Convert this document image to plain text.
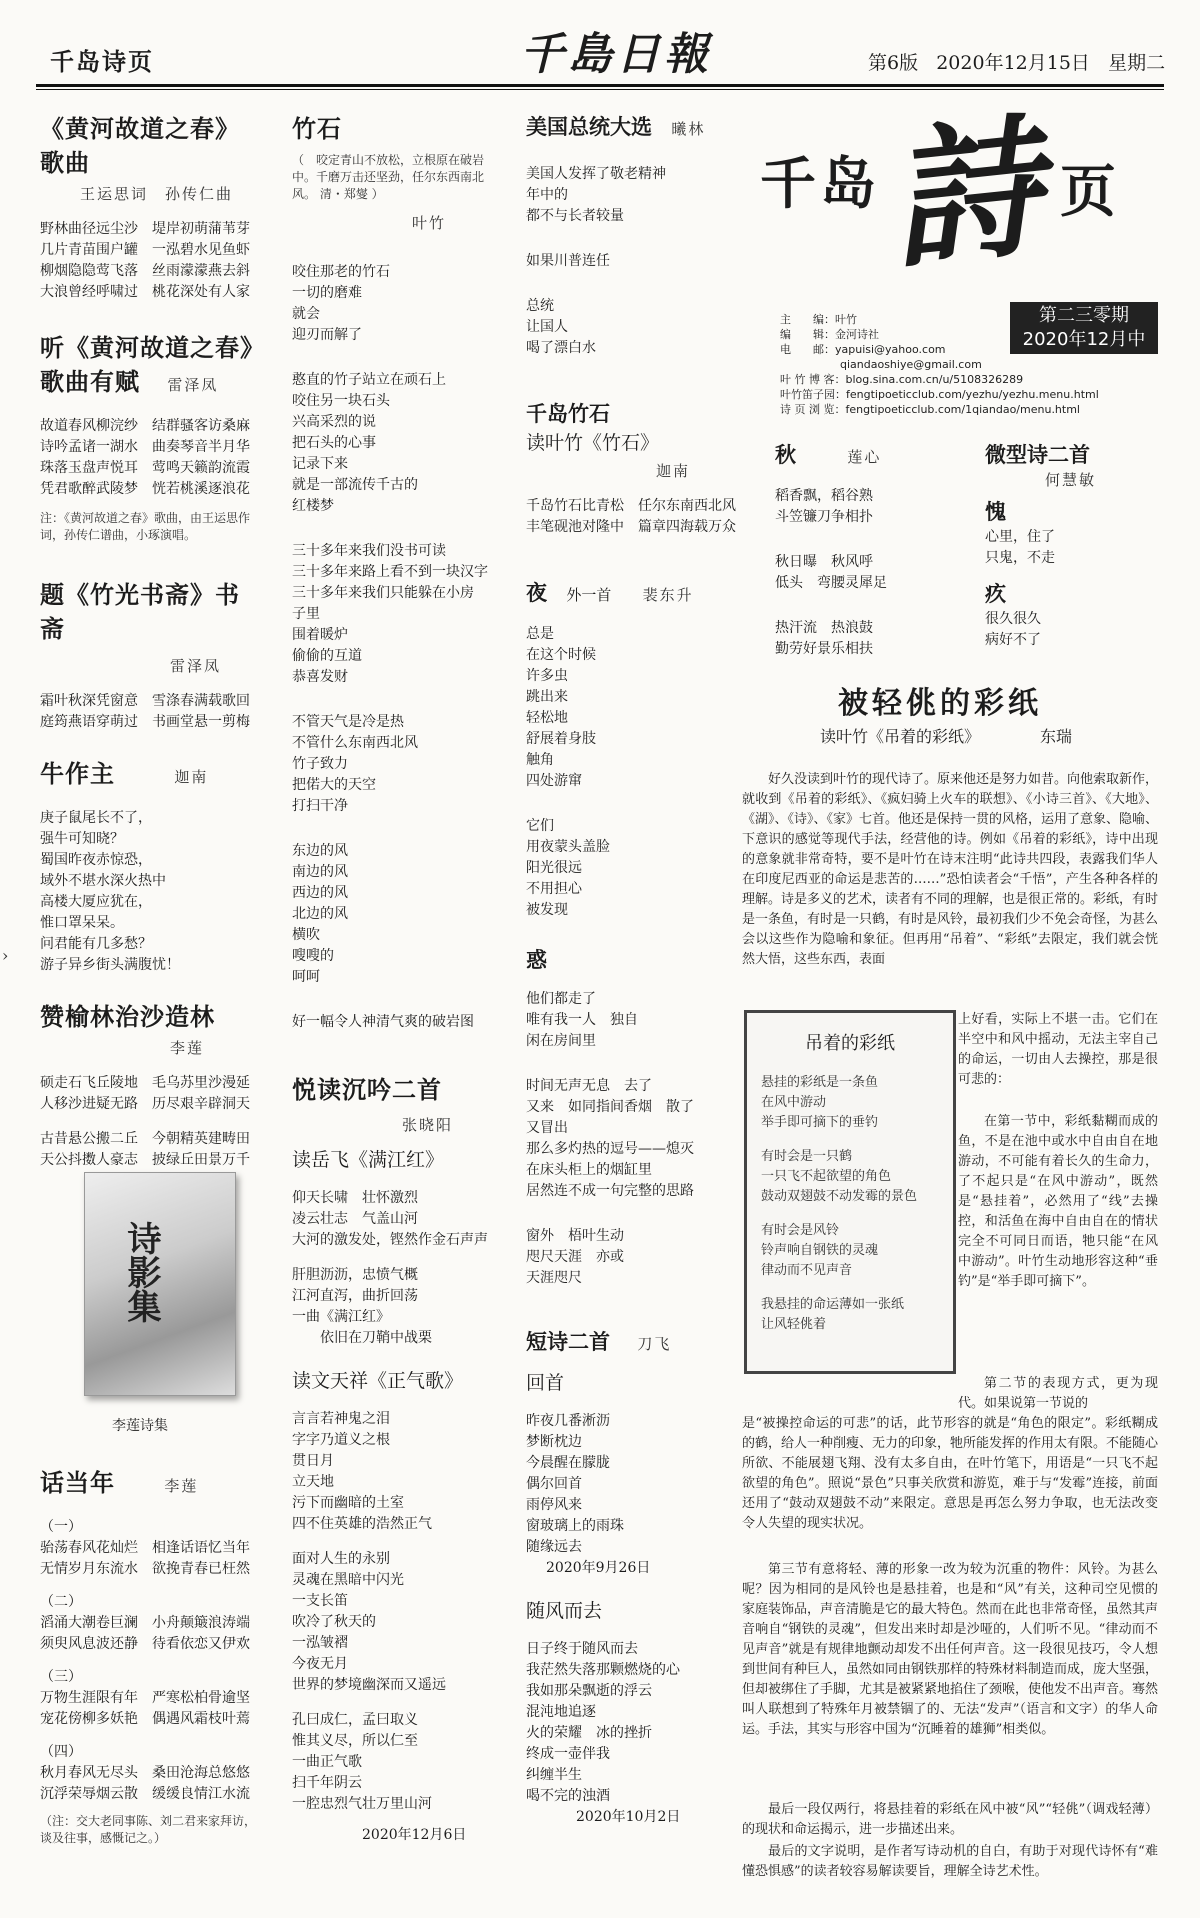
千岛诗页	千島日報	第6版 2020年12月15日 星期二
《黄河故道之春》歌曲
王运思词　孙传仁曲

野林曲径远尘沙　堤岸初萌蒲苇芽

几片青苗围户罐　一泓碧水见鱼虾

柳烟隐隐莺飞落　丝雨濛濛燕去斜

大浪曾经呼啸过　桃花深处有人家

听《黄河故道之春》
歌曲有赋 雷泽凤

故道春风柳浣纱　结群骚客访桑麻

诗吟孟诸一湖水　曲奏琴音半月华

珠落玉盘声悦耳　莺鸣天籁韵流霞

凭君歌醉武陵梦　恍若桃溪逐浪花

注：《黄河故道之春》歌曲，由王运思作词，孙传仁谱曲，小琢演唱。
题《竹光书斋》书斋
雷泽凤

霜叶秋深凭窗意　雪涤春满载歌回

庭筠燕语穿萌过　书画堂悬一剪梅

牛作主	迦南

庚子鼠尾长不了，

强牛可知晓？

蜀国昨夜赤惊恐，

域外不堪水深火热中

高楼大厦应犹在，

惟口罩呆呆。

问君能有几多愁？

游子异乡街头满腹忧！

赞榆林治沙造林
李莲

硕走石飞丘陵地　毛乌苏里沙漫延

人移沙进疑无路　历尽艰辛辟洞天

古昔悬公搬二丘　今朝精英建畴田

天公抖擞人豪志　披绿丘田景万千

诗影集
李莲诗集
话当年	李莲

（一）

骀荡春风花灿烂　相逢话语忆当年

无情岁月东流水　欲挽青春已枉然

（二）

滔涌大潮卷巨澜　小舟颠簸浪涛端

须臾风息波还静　待看依恋又伊欢

（三）

万物生涯限有年　严寒松柏骨逾坚

宠花傍柳多妖艳　偶遇风霜枝叶蔫

（四）

秋月春风无尽头　桑田沧海总悠悠

沉浮荣辱烟云散　缓缓良情江水流

（注：交大老同事陈、刘二君来家拜访，谈及往事，感慨记之。）
›
竹石
（　咬定青山不放松，立根原在破岩中。千磨万击还坚劲，任尔东西南北风。 清・郑燮 ）
叶竹

咬住那老的竹石

一切的磨难

就会

迎刃而解了

憨直的竹子站立在顽石上

咬住另一块石头

兴高采烈的说

把石头的心事

记录下来

就是一部流传千古的

红楼梦

三十多年来我们没书可读

三十多年来路上看不到一块汉字

三十多年来我们只能躲在小房

子里

围着暖炉

偷偷的互道

恭喜发财

不管天气是冷是热

不管什么东南西北风

竹子致力

把偌大的天空

打扫干净

东边的风

南边的风

西边的风

北边的风

横吹

嗖嗖的

呵呵

好一幅令人神清气爽的破岩图

悦读沉吟二首
张晓阳
读岳飞《满江红》

仰天长啸　壮怀激烈

凌云壮志　气盖山河

大河的激发处，铿然作金石声声

肝胆沥沥，忠愤气概

江河直泻，曲折回荡

一曲《满江红》

依旧在刀鞘中战栗

读文天祥《正气歌》

言言若神鬼之泪

字字乃道义之根

贯日月

立天地

污下而幽暗的土室

四不住英雄的浩然正气

面对人生的永别

灵魂在黑暗中闪光

一支长笛

吹冷了秋天的

一泓皱褶

今夜无月

世界的梦境幽深而又遥远

孔曰成仁，孟曰取义

惟其义尽，所以仁至

一曲正气歌

扫千年阴云

一腔忠烈气壮万里山河

2020年12月6日
美国总统大选 曦林

美国人发挥了敬老精神

年中的

都不与长者较量

如果川普连任

总统

让国人

喝了漂白水

千岛竹石
读叶竹《竹石》
迦南

千岛竹石比青松　任尔东南西北风

丰笔砚池对隆中　篇章四海载万众

夜 外一首 裴东升

总是

在这个时候

许多虫

跳出来

轻松地

舒展着身肢

触角

四处游窜

它们

用夜蒙头盖脸

阳光很远

不用担心

被发现

惑

他们都走了

唯有我一人　独自

闲在房间里

时间无声无息　去了

又来　如同指间香烟　散了

又冒出

那么多灼热的逗号——熄灭

在床头柜上的烟缸里

居然连不成一句完整的思路

窗外　梧叶生动

咫尺天涯　亦或

天涯咫尺

短诗二首 刀飞
回首

昨夜几番淅沥

梦断枕边

今晨醒在朦胧

偶尔回首

雨停风来

窗玻璃上的雨珠

随缘远去

2020年9月26日
随风而去

日子终于随风而去

我茫然失落那颗燃烧的心

我如那朵飘逝的浮云

混沌地追逐

火的荣耀　冰的挫折

终成一壶伴我

纠缠半生

喝不完的浊酒

2020年10月2日
千岛 詩 页
第二三零期
2020年12月中
主　　编：叶竹
编　　辑：金河诗社
电　　邮：yapuisi@yahoo.com
qiandaoshiye@gmail.com
叶 竹 博 客：blog.sina.com.cn/u/5108326289
叶竹笛子园：fengtipoeticclub.com/yezhu/yezhu.menu.html
诗 页 浏 览：fengtipoeticclub.com/1qiandao/menu.html
秋	莲心

稻香飘，稻谷熟

斗笠镰刀争相扑

秋日曝　秋风呼

低头　弯腰灵犀足

热汗流　热浪鼓

勤劳好景乐相扶

微型诗二首
何慧敏
愧

心里，住了

只鬼，不走

疚

很久很久

病好不了

被轻佻的彩纸
读叶竹《吊着的彩纸》	东瑞

好久没读到叶竹的现代诗了。原来他还是努力如昔。向他索取新作，就收到《吊着的彩纸》、《疯妇骑上火车的联想》、《小诗三首》、《大地》、《湖》、《诗》、《家》七首。他还是保持一贯的风格，运用了意象、隐喻、下意识的感觉等现代手法，经营他的诗。例如《吊着的彩纸》，诗中出现的意象就非常奇特，要不是叶竹在诗末注明“此诗共四段，表露我们华人在印度尼西亚的命运是悲苦的……”恐怕读者会“千悟”，产生各种各样的理解。诗是多义的艺术，读者有不同的理解，也是很正常的。彩纸，有时是一条鱼，有时是一只鹤，有时是风铃，最初我们少不免会奇怪，为甚么会以这些作为隐喻和象征。但再用“吊着”、“彩纸”去限定，我们就会恍然大悟，这些东西，表面

上好看，实际上不堪一击。它们在半空中和风中摇动，无法主宰自己的命运，一切由人去操控，那是很可悲的：

在第一节中，彩纸黏糊而成的鱼，不是在池中或水中自由自在地游动，不可能有着长久的生命力，了不起只是“在风中游动”，既然是“悬挂着”，必然用了“线”去操控，和活鱼在海中自由自在的情状完全不可同日而语，牠只能“在风中游动”。叶竹生动地形容这种“垂钓”是“举手即可摘下”。

第二节的表现方式，更为现代。如果说第一节说的

是“被操控命运的可悲”的话，此节形容的就是“角色的限定”。彩纸糊成的鹤，给人一种削瘦、无力的印象，牠所能发挥的作用太有限。不能随心所欲、不能展翅飞翔、没有太多自由，在叶竹笔下，用语是“一只飞不起欲望的角色”。照说“景色”只事关欣赏和游览，难于与“发霉”连接，前面还用了“鼓动双翅鼓不动”来限定。意思是再怎么努力争取，也无法改变令人失望的现实状况。

第三节有意将轻、薄的形象一改为较为沉重的物件：风铃。为甚么呢？因为相同的是风铃也是悬挂着，也是和“风”有关，这种司空见惯的家庭装饰品，声音清脆是它的最大特色。然而在此也非常奇怪，虽然其声音响自“钢铁的灵魂”，但发出来时却是沙哑的，人们听不见。“律动而不见声音”就是有规律地颤动却发不出任何声音。这一段很见技巧，令人想到世间有种巨人，虽然如同由钢铁那样的特殊材料制造而成，庞大坚强，但却被绑住了手脚，尤其是被紧紧地掐住了颈喉，使他发不出声音。骞然叫人联想到了特殊年月被禁锢了的、无法“发声”（语言和文字）的华人命运。手法，其实与形容中国为“沉睡着的雄狮”相类似。

最后一段仅两行，将悬挂着的彩纸在风中被“风”“轻佻”（调戏轻薄）的现状和命运揭示，进一步描述出来。

最后的文字说明，是作者写诗动机的自白，有助于对现代诗怀有“难懂恐惧感”的读者较容易解读要旨，理解全诗艺术性。

吊着的彩纸
悬挂的彩纸是一条鱼
在风中游动
举手即可摘下的垂钓
有时会是一只鹤
一只飞不起欲望的角色
鼓动双翅鼓不动发霉的景色
有时会是风铃
铃声响自钢铁的灵魂
律动而不见声音
我悬挂的命运薄如一张纸
让风轻佻着
